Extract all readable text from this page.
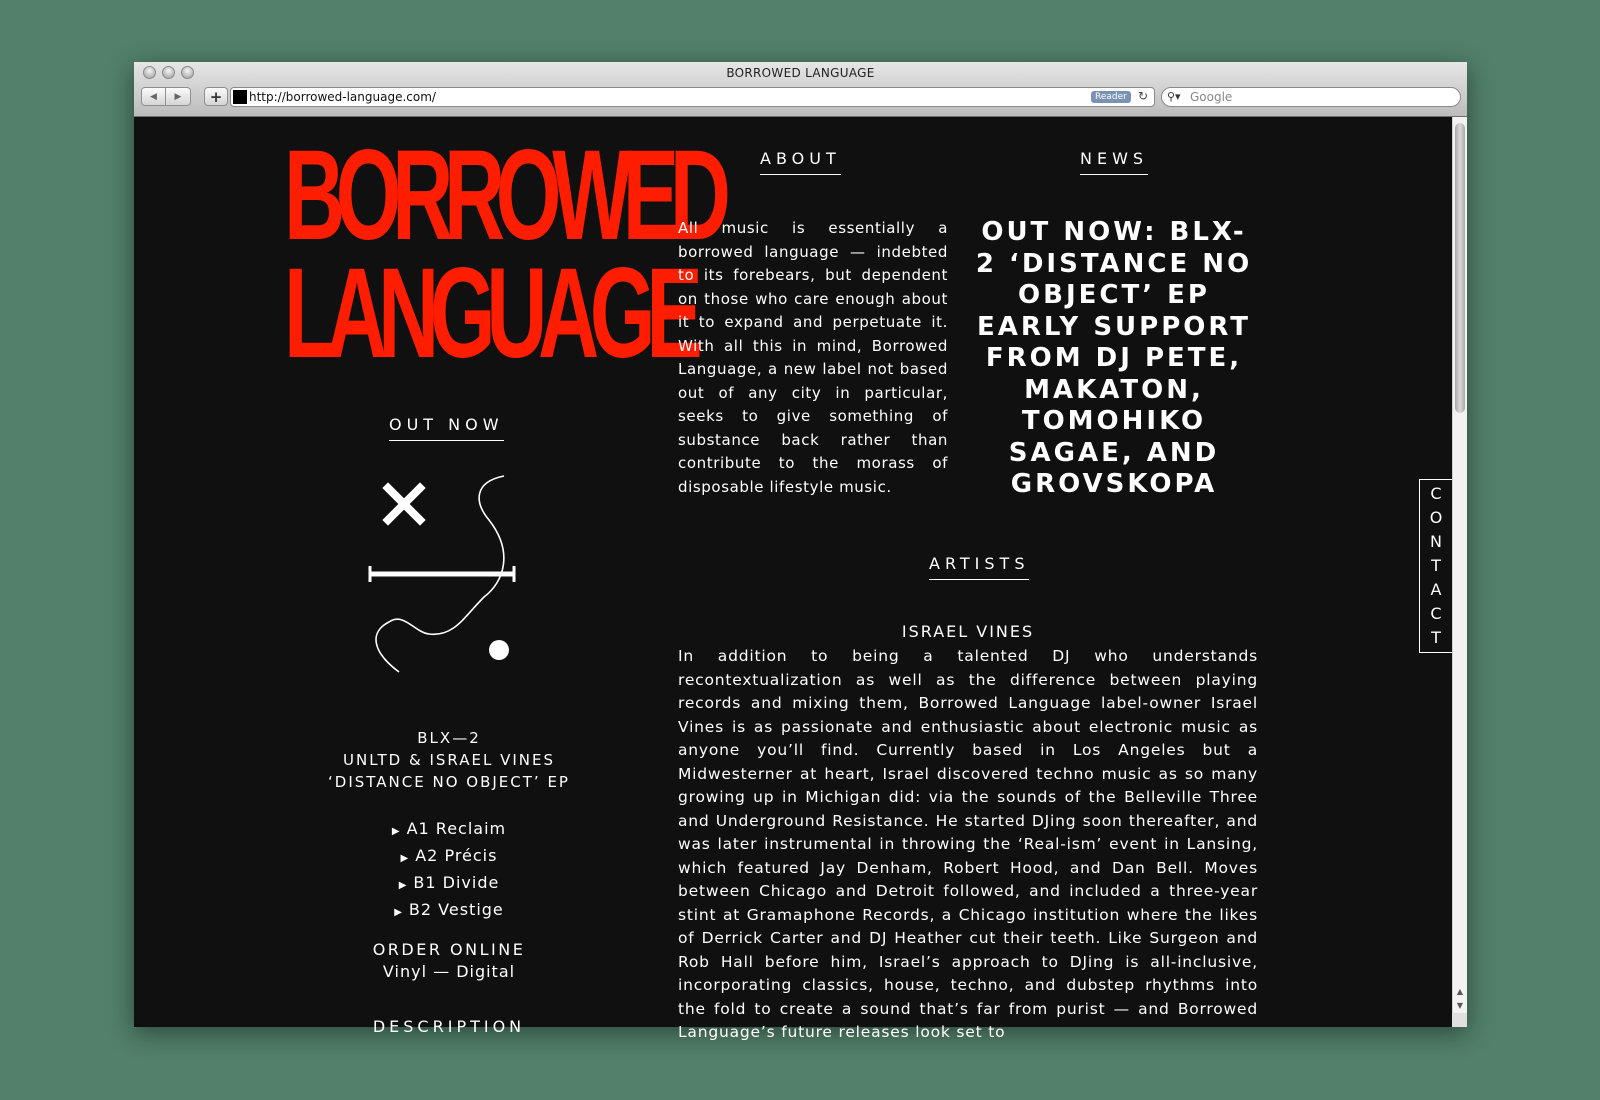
BORROWED LANGUAGE
◀ ▶ + http://borrowed-language.com/	Reader ↻ ⚲▾ Google
BORROWED
LANGUAGE
OUT NOW
BLX—2
UNLTD & ISRAEL VINES
‘DISTANCE NO OBJECT’ EP
▶ A1 Reclaim
▶ A2 Précis
▶ B1 Divide
▶ B2 Vestige
ORDER ONLINE
Vinyl — Digital
DESCRIPTION
ABOUT
All music is essentially a borrowed language — indebted to its forebears, but dependent on those who care enough about it to expand and perpetuate it. With all this in mind, Borrowed Language, a new label not based out of any city in particular, seeks to give something of substance back rather than contribute to the morass of disposable lifestyle music.
NEWS
OUT NOW: BLX-2 ‘DISTANCE NO OBJECT’ EP EARLY SUPPORT FROM DJ PETE, MAKATON, TOMOHIKO SAGAE, AND GROVSKOPA
ARTISTS
ISRAEL VINES
In addition to being a talented DJ who understands recontextualization as well as the difference between playing records and mixing them, Borrowed Language label-owner Israel Vines is as passionate and enthusiastic about electronic music as anyone you’ll find. Currently based in Los Angeles but a Midwesterner at heart, Israel discovered techno music as so many growing up in Michigan did: via the sounds of the Belleville Three and Underground Resistance. He started DJing soon thereafter, and was later instrumental in throwing the ‘Real-ism’ event in Lansing, which featured Jay Denham, Robert Hood, and Dan Bell. Moves between Chicago and Detroit followed, and included a three-year stint at Gramaphone Records, a Chicago institution where the likes of Derrick Carter and DJ Heather cut their teeth. Like Surgeon and Rob Hall before him, Israel’s approach to DJing is all-inclusive, incorporating classics, house, techno, and dubstep rhythms into the fold to create a sound that’s far from purist — and Borrowed Language’s future releases look set to
C
O
N
T
A
C
T
▲
▼
